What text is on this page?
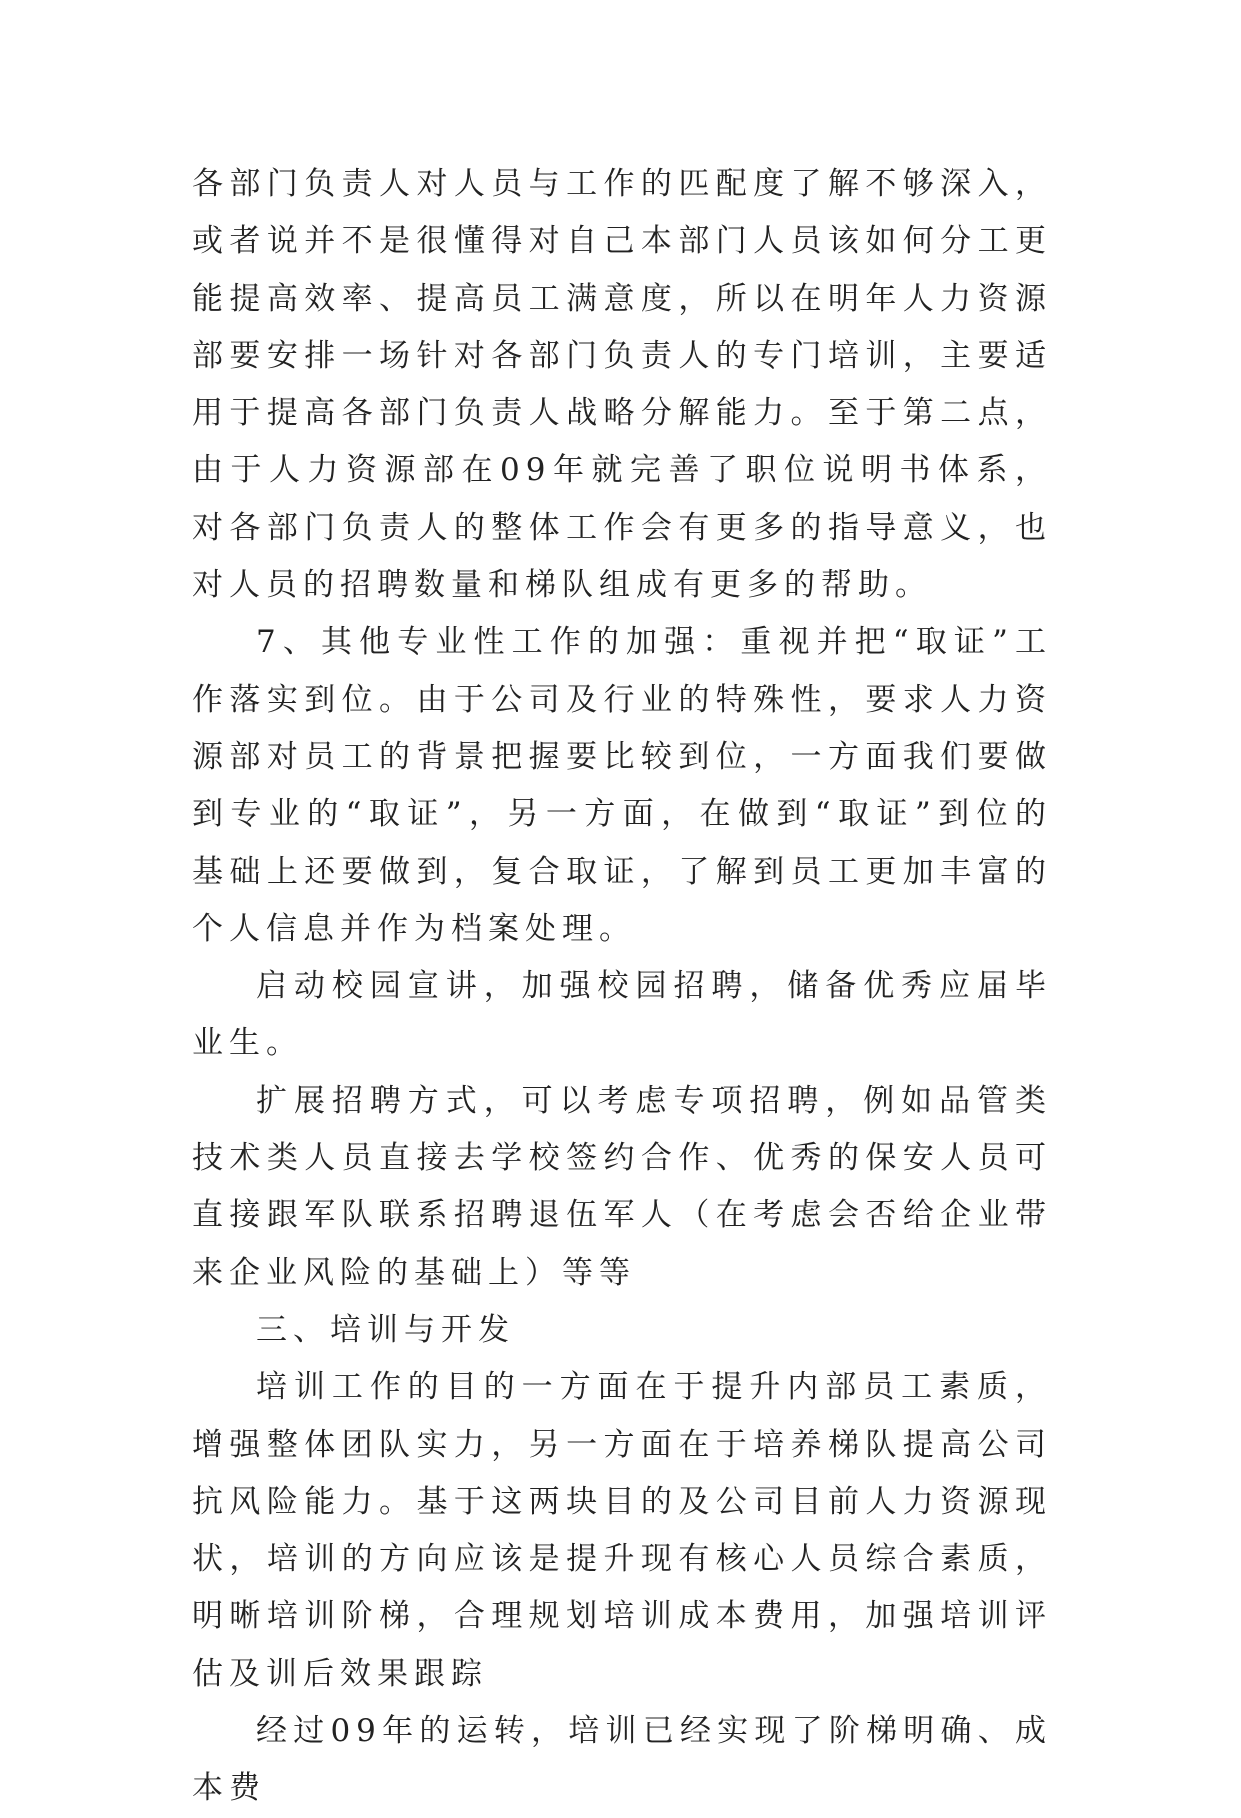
各部门负责人对人员与工作的匹配度了解不够深入，或者说并不是很懂得对自己本部门人员该如何分工更能提高效率、提高员工满意度，所以在明年人力资源部要安排一场针对各部门负责人的专门培训，主要适用于提高各部门负责人战略分解能力。至于第二点，由于人力资源部在09年就完善了职位说明书体系，对各部门负责人的整体工作会有更多的指导意义，也对人员的招聘数量和梯队组成有更多的帮助。

7、其他专业性工作的加强：重视并把“取证”工作落实到位。由于公司及行业的特殊性，要求人力资源部对员工的背景把握要比较到位，一方面我们要做到专业的“取证”，另一方面，在做到“取证”到位的基础上还要做到，复合取证，了解到员工更加丰富的个人信息并作为档案处理。

启动校园宣讲，加强校园招聘，储备优秀应届毕业生。

扩展招聘方式，可以考虑专项招聘，例如品管类技术类人员直接去学校签约合作、优秀的保安人员可直接跟军队联系招聘退伍军人（在考虑会否给企业带来企业风险的基础上）等等

三、培训与开发

培训工作的目的一方面在于提升内部员工素质，增强整体团队实力，另一方面在于培养梯队提高公司抗风险能力。基于这两块目的及公司目前人力资源现状，培训的方向应该是提升现有核心人员综合素质，明晰培训阶梯，合理规划培训成本费用，加强培训评估及训后效果跟踪

经过09年的运转，培训已经实现了阶梯明确、成本费
